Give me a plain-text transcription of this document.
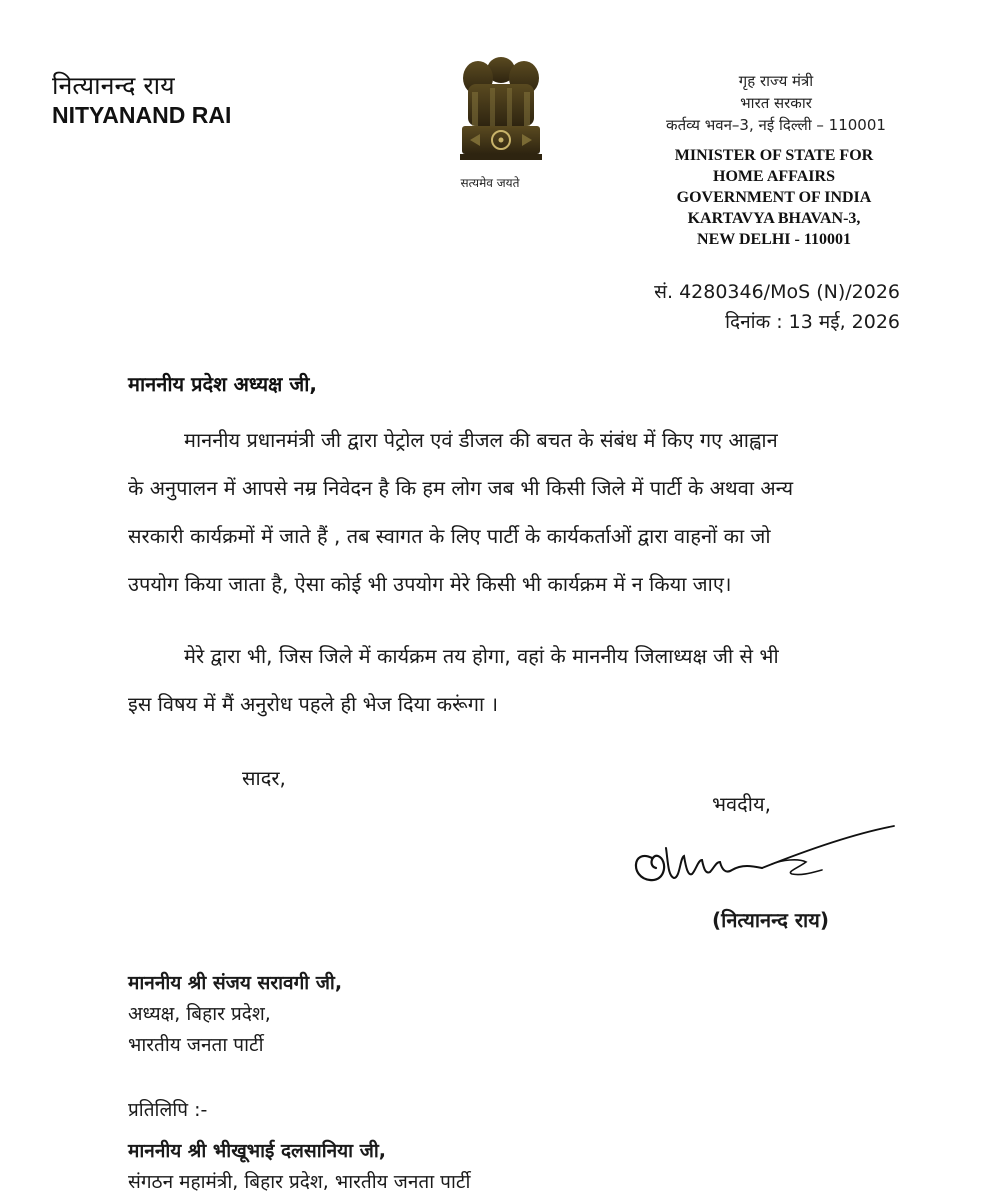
नित्यानन्द राय
NITYANAND RAI
सत्यमेव जयते
गृह राज्य मंत्री
भारत सरकार
कर्तव्य भवन–3, नई दिल्ली – 110001
MINISTER OF STATE FOR
HOME AFFAIRS
GOVERNMENT OF INDIA
KARTAVYA BHAVAN-3,
NEW DELHI - 110001
सं. 4280346/MoS (N)/2026
दिनांक : 13 मई, 2026
माननीय प्रदेश अध्यक्ष जी,
माननीय प्रधानमंत्री जी द्वारा पेट्रोल एवं डीजल की बचत के संबंध में किए गए आह्वान
के अनुपालन में आपसे नम्र निवेदन है कि हम लोग जब भी किसी जिले में पार्टी के अथवा अन्य
सरकारी कार्यक्रमों में जाते हैं , तब स्वागत के लिए पार्टी के कार्यकर्ताओं द्वारा वाहनों का जो
उपयोग किया जाता है, ऐसा कोई भी उपयोग मेरे किसी भी कार्यक्रम में न किया जाए।
मेरे द्वारा भी, जिस जिले में कार्यक्रम तय होगा, वहां के माननीय जिलाध्यक्ष जी से भी
इस विषय में मैं अनुरोध पहले ही भेज दिया करूंगा ।
सादर,
भवदीय,
(नित्यानन्द राय)
माननीय श्री संजय सरावगी जी,
अध्यक्ष, बिहार प्रदेश,
भारतीय जनता पार्टी
प्रतिलिपि :-
माननीय श्री भीखूभाई दलसानिया जी,
संगठन महामंत्री, बिहार प्रदेश, भारतीय जनता पार्टी
